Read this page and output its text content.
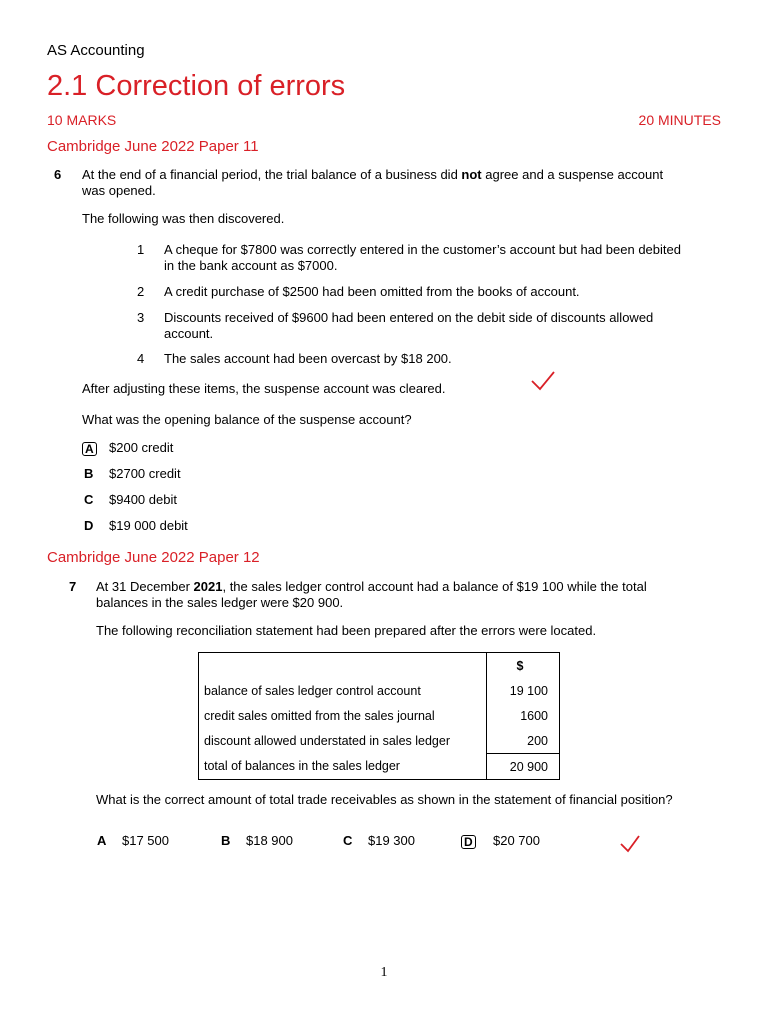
AS Accounting
2.1 Correction of errors
10 MARKS	20 MINUTES
Cambridge June 2022 Paper 11
6 At the end of a financial period, the trial balance of a business did not agree and a suspense account was opened.
The following was then discovered.
1 A cheque for $7800 was correctly entered in the customer’s account but had been debited in the bank account as $7000.
2 A credit purchase of $2500 had been omitted from the books of account.
3 Discounts received of $9600 had been entered on the debit side of discounts allowed account.
4 The sales account had been overcast by $18 200.
After adjusting these items, the suspense account was cleared.
What was the opening balance of the suspense account?
A $200 credit
B $2700 credit
C $9400 debit
D $19 000 debit
Cambridge June 2022 Paper 12
7 At 31 December 2021, the sales ledger control account had a balance of $19 100 while the total balances in the sales ledger were $20 900.
The following reconciliation statement had been prepared after the errors were located.
	$
balance of sales ledger control account	19 100
credit sales omitted from the sales journal	1600
discount allowed understated in sales ledger	200
total of balances in the sales ledger	20 900
What is the correct amount of total trade receivables as shown in the statement of financial position?
A $17 500	B $18 900	C $19 300	D $20 700
1
